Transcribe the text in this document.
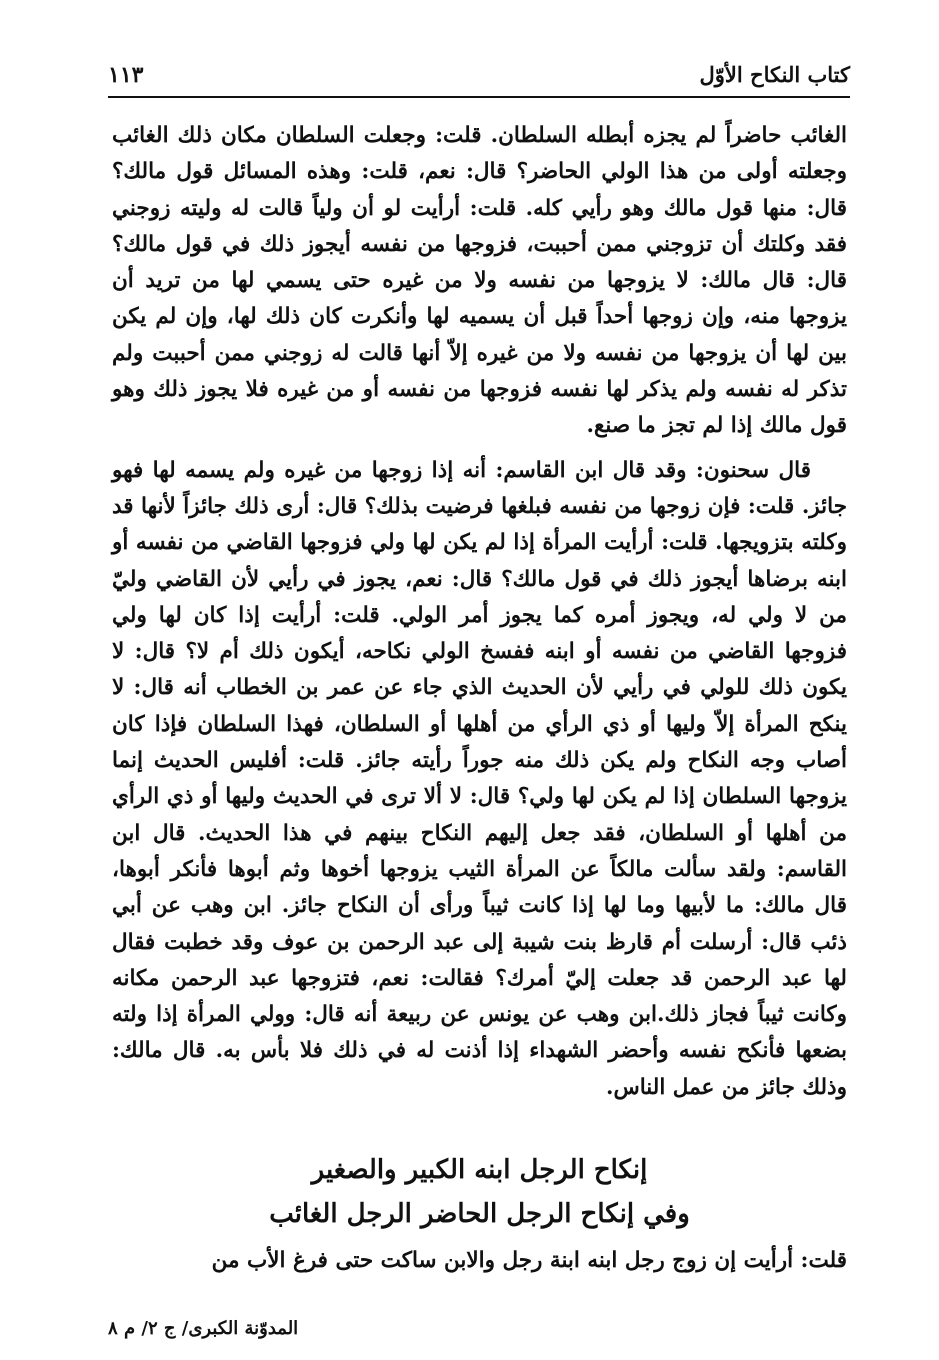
كتاب النكاح الأوّل
١١٣

الغائب حاضراً لم يجزه أبطله السلطان. قلت: وجعلت السلطان مكان ذلك الغائب وجعلته أولى من هذا الولي الحاضر؟ قال: نعم، قلت: وهذه المسائل قول مالك؟ قال: منها قول مالك وهو رأيي كله. قلت: أرأيت لو أن ولياً قالت له وليته زوجني فقد وكلتك أن تزوجني ممن أحببت، فزوجها من نفسه أيجوز ذلك في قول مالك؟ قال: قال مالك: لا يزوجها من نفسه ولا من غيره حتى يسمي لها من تريد أن يزوجها منه، وإن زوجها أحداً قبل أن يسميه لها وأنكرت كان ذلك لها، وإن لم يكن بين لها أن يزوجها من نفسه ولا من غيره إلاّ أنها قالت له زوجني ممن أحببت ولم تذكر له نفسه ولم يذكر لها نفسه فزوجها من نفسه أو من غيره فلا يجوز ذلك وهو قول مالك إذا لم تجز ما صنع.

قال سحنون: وقد قال ابن القاسم: أنه إذا زوجها من غيره ولم يسمه لها فهو جائز. قلت: فإن زوجها من نفسه فبلغها فرضيت بذلك؟ قال: أرى ذلك جائزاً لأنها قد وكلته بتزويجها. قلت: أرأيت المرأة إذا لم يكن لها ولي فزوجها القاضي من نفسه أو ابنه برضاها أيجوز ذلك في قول مالك؟ قال: نعم، يجوز في رأيي لأن القاضي وليّ من لا ولي له، ويجوز أمره كما يجوز أمر الولي. قلت: أرأيت إذا كان لها ولي فزوجها القاضي من نفسه أو ابنه ففسخ الولي نكاحه، أيكون ذلك أم لا؟ قال: لا يكون ذلك للولي في رأيي لأن الحديث الذي جاء عن عمر بن الخطاب أنه قال: لا ينكح المرأة إلاّ وليها أو ذي الرأي من أهلها أو السلطان، فهذا السلطان فإذا كان أصاب وجه النكاح ولم يكن ذلك منه جوراً رأيته جائز. قلت: أفليس الحديث إنما يزوجها السلطان إذا لم يكن لها ولي؟ قال: لا ألا ترى في الحديث وليها أو ذي الرأي من أهلها أو السلطان، فقد جعل إليهم النكاح بينهم في هذا الحديث. قال ابن القاسم: ولقد سألت مالكاً عن المرأة الثيب يزوجها أخوها وثم أبوها فأنكر أبوها، قال مالك: ما لأبيها وما لها إذا كانت ثيباً ورأى أن النكاح جائز. ابن وهب عن أبي ذئب قال: أرسلت أم قارظ بنت شيبة إلى عبد الرحمن بن عوف وقد خطبت فقال لها عبد الرحمن قد جعلت إليّ أمرك؟ فقالت: نعم، فتزوجها عبد الرحمن مكانه وكانت ثيباً فجاز ذلك.ابن وهب عن يونس عن ربيعة أنه قال: وولي المرأة إذا ولته بضعها فأنكح نفسه وأحضر الشهداء إذا أذنت له في ذلك فلا بأس به. قال مالك: وذلك جائز من عمل الناس.

إنكاح الرجل ابنه الكبير والصغير
وفي إنكاح الرجل الحاضر الرجل الغائب
قلت: أرأيت إن زوج رجل ابنه ابنة رجل والابن ساكت حتى فرغ الأب من
المدوّنة الكبرى/ ج ٢/ م ٨
